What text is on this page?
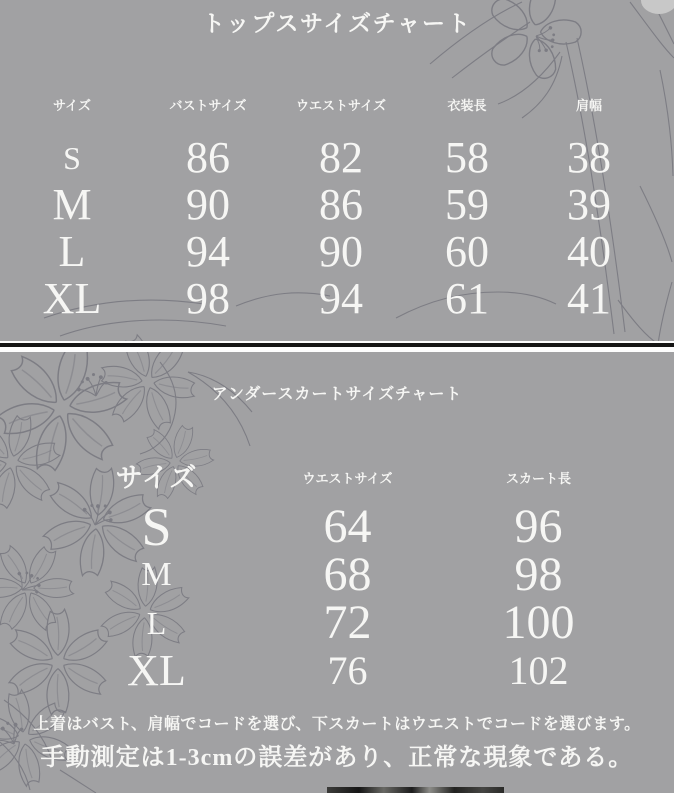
トップスサイズチャート
サイズ	バストサイズ	ウエストサイズ	衣装長	肩幅
S	86	82	58	38
M	90	86	59	39
L	94	90	60	40
XL	98	94	61	41
アンダースカートサイズチャート
サイズ	ウエストサイズ	スカート長
S	64	96
M	68	98
L	72	100
XL	76	102
上着はバスト、肩幅でコードを選び、下スカートはウエストでコードを選びます。
手動測定は1-3cmの誤差があり、正常な現象である。
